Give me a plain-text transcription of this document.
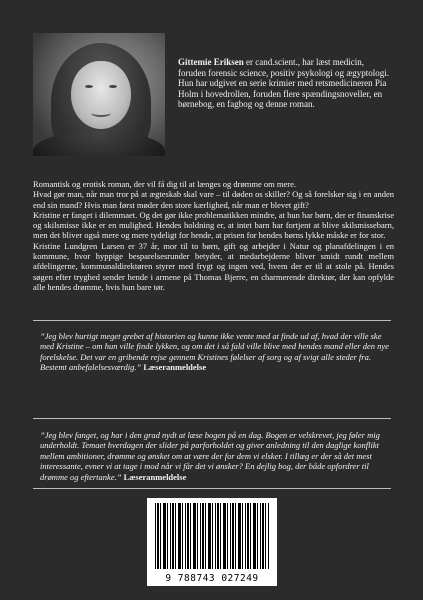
Gittemie Eriksen er cand.scient., har læst medicin, foruden forensic science, positiv psykologi og ægyptologi. Hun har udgivet en serie krimier med retsmedicineren Pia Holm i hovedrollen, foruden flere spændingsnoveller, en børnebog, en fagbog og denne roman.

Romantisk og erotisk roman, der vil få dig til at længes og drømme om mere.

Hvad gør man, når man tror på at ægteskab skal vare – til døden os skiller? Og så forelsker sig i en anden end sin mand? Hvis man først møder den store kærlighed, når man er blevet gift?

Kristine er fanget i dilemmaet. Og det gør ikke problematikken mindre, at hun har børn, der er finanskrise og skilsmisse ikke er en mulighed. Hendes holdning er, at intet barn har fortjent at blive skilsmissebarn, men det bliver også mere og mere tydeligt for hende, at prisen for hendes børns lykke måske er for stor.

Kristine Lundgren Larsen er 37 år, mor til to børn, gift og arbejder i Natur og planafdelingen i en kommune, hvor hyppige besparelsesrunder betyder, at medarbejderne bliver smidt rundt mellem afdelingerne, kommunaldirektøren styrer med frygt og ingen ved, hvem der er til at stole på. Hendes søgen efter tryghed sender hende i armene på Thomas Bjerre, en charmerende direktør, der kan opfylde alle hendes drømme, hvis hun bare tør.

”Jeg blev hurtigt meget grebet af historien og kunne ikke vente med at finde ud af, hvad der ville ske med Kristine – om hun ville finde lykken, og om det i så fald ville blive med hendes mand eller den nye forelskelse. Det var en gribende rejse gennem Kristines følelser af sorg og af svigt alle steder fra. Bestemt anbefalelsesværdig.” Læseranmeldelse
”Jeg blev fanget, og har i den grad nydt at læse bogen på en dag. Bogen er velskrevet, jeg føler mig underholdt. Temaet hverdagen der slider på parforholdet og giver anledning til den daglige konflikt mellem ambitioner, drømme og ønsket om at være der for dem vi elsker. I tillæg er der så det mest interessante, evner vi at tage i mod når vi får det vi ønsker? En dejlig bog, der både opfordrer til drømme og eftertanke.” Læseranmeldelse
9 788743 027249
